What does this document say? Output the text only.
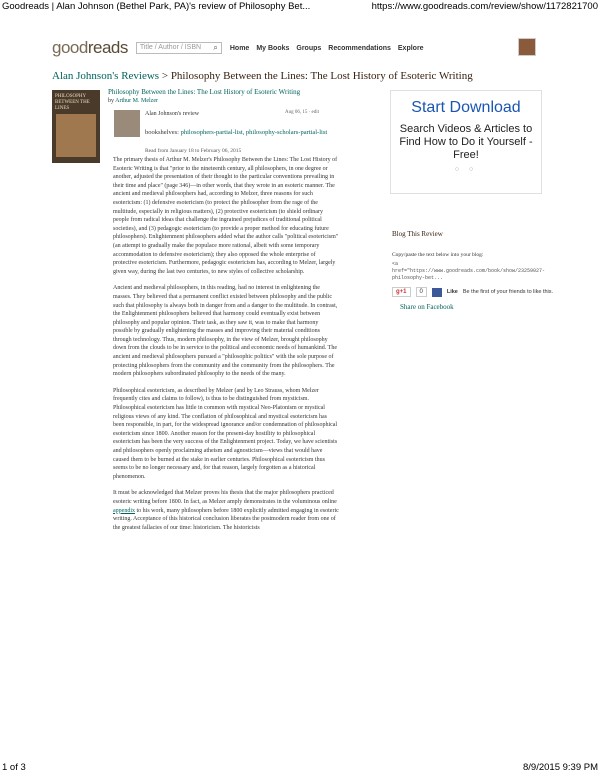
Goodreads | Alan Johnson (Bethel Park, PA)'s review of Philosophy Bet...	https://www.goodreads.com/review/show/1172821700
goodreads Title / Author / ISBN ⌕ Home My Books Groups Recommendations Explore
Alan Johnson's Reviews > Philosophy Between the Lines: The Lost History of Esoteric Writing
PHILOSOPHY BETWEEN THE LINES
Philosophy Between the Lines: The Lost History of Esoteric Writing
by Arthur M. Melzer
Alan Johnson's review	Aug 06, 15 · edit
bookshelves: philosophers-partial-list, philosophy-scholars-partial-list
Read from January 18 to February 06, 2015

The primary thesis of Arthur M. Melzer's Philosophy Between the Lines: The Lost History of Esoteric Writing is that "prior to the nineteenth century, all philosophers, in one degree or another, adjusted the presentation of their thought to the particular conventions prevailing in their time and place" (page 346)—in other words, that they wrote in an esoteric manner. The ancient and medieval philosophers had, according to Melzer, three reasons for such esotericism: (1) defensive esotericism (to protect the philosopher from the rage of the multitude, especially in religious matters), (2) protective esotericism (to shield ordinary people from radical ideas that challenge the ingrained prejudices of traditional political societies), and (3) pedagogic esotericism (to provide a proper method for educating future philosophers). Enlightenment philosophers added what the author calls "political esotericism" (an attempt to gradually make the populace more rational, albeit with some temporary accommodation to defensive esotericism); they also opposed the whole enterprise of protective esotericism. Furthermore, pedagogic esotericism has, according to Melzer, largely given way, during the last two centuries, to new styles of collective scholarship.

Ancient and medieval philosophers, in this reading, had no interest in enlightening the masses. They believed that a permanent conflict existed between philosophy and the public such that philosophy is always both in danger from and a danger to the multitude. In contrast, the Enlightenment philosophers believed that harmony could eventually exist between philosophy and popular opinion. Their task, as they saw it, was to make that harmony possible by gradually enlightening the masses and improving their material conditions through technology. Thus, modern philosophy, in the view of Melzer, brought philosophy down from the clouds to be in service to the political and economic needs of humankind. The ancient and medieval philosophers pursued a "philosophic politics" with the sole purpose of protecting philosophers from the community and the community from the philosophers. The modern philosophers subordinated philosophy to the needs of the many.

Philosophical esotericism, as described by Melzer (and by Leo Strauss, whom Melzer frequently cites and claims to follow), is thus to be distinguished from mysticism. Philosophical esotericism has little in common with mystical Neo-Platonism or mystical religious views of any kind. The conflation of philosophical and mystical esotericism has been responsible, in part, for the widespread ignorance and/or condemnation of philosophical esotericism since 1800. Another reason for the present-day hostility to philosophical esotericism has been the very success of the Enlightenment project. Today, we have scientists and philosophers openly proclaiming atheism and agnosticism—views that would have caused them to be burned at the stake in earlier centuries. Philosophical esotericism thus seems to be no longer necessary and, for that reason, largely forgotten as a historical phenomenon.

It must be acknowledged that Melzer proves his thesis that the major philosophers practiced esoteric writing before 1800. In fact, as Melzer amply demonstrates in the voluminous online appendix to his work, many philosophers before 1800 explicitly admitted engaging in esoteric writing. Acceptance of this historical conclusion liberates the postmodern reader from one of the greatest fallacies of our time: historicism. The historicists

Start Download
Search Videos & Articles to Find How to Do it Yourself - Free!
○ ○
Blog This Review
Copy/paste the text below into your blog:
<a href="https://www.goodreads.com/book/show/23259027-philosophy-bet...
g+1	0	Like Be the first of your friends to like this.
Share on Facebook
1 of 3	8/9/2015 9:39 PM
